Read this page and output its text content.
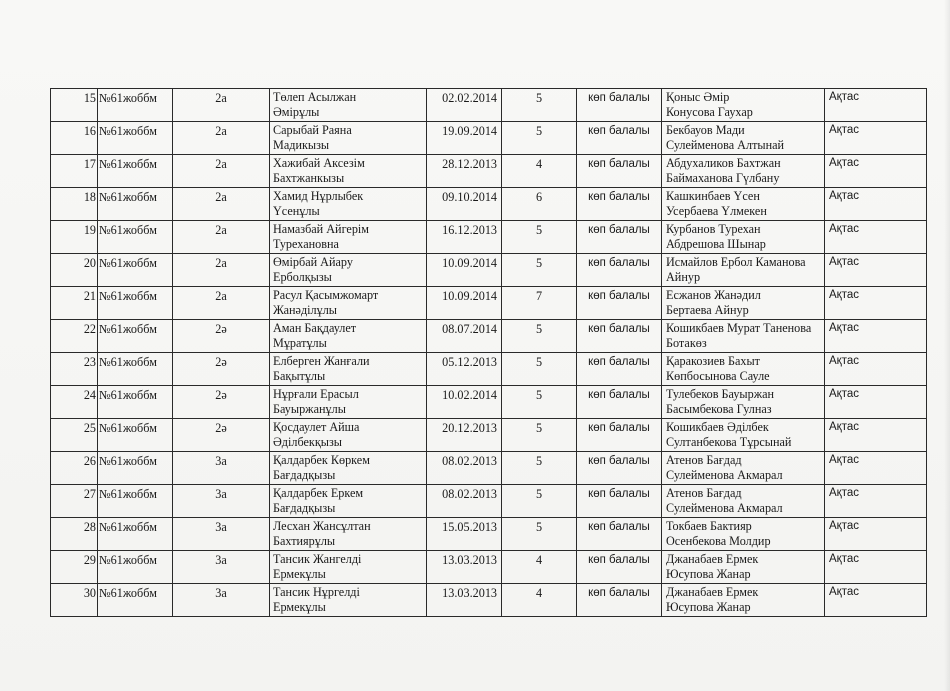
15	№61жоббм	2а	Төлеп Асылжан
Әмірұлы	02.02.2014	5	көп балалы	Қоныс Әмір
Конусова Гаухар	Ақтас

16	№61жоббм	2а	Сарыбай Раяна
Мадикызы	19.09.2014	5	көп балалы	Бекбауов Мади
Сулейменова Алтынай	Ақтас

17	№61жоббм	2а	Хажибай Аксезім
Бахтжанкызы	28.12.2013	4	көп балалы	Абдухаликов Бахтжан
Баймаханова Гүлбану	Ақтас

18	№61жоббм	2а	Хамид Нұрлыбек
Үсенұлы	09.10.2014	6	көп балалы	Кашкинбаев Үсен
Усербаева Үлмекен	Ақтас

19	№61жоббм	2а	Намазбай Айгерім
Турехановна	16.12.2013	5	көп балалы	Курбанов Турехан
Абдрешова Шынар	Ақтас

20	№61жоббм	2а	Өмірбай Айару
Ерболқызы	10.09.2014	5	көп балалы	Исмайлов Ербол Каманова
Айнур	Ақтас

21	№61жоббм	2а	Расул Қасымжомарт
Жанәділұлы	10.09.2014	7	көп балалы	Есжанов Жанәдил
Бертаева Айнур	Ақтас

22	№61жоббм	2ә	Аман Бақдаулет
Мұратұлы	08.07.2014	5	көп балалы	Кошикбаев Мурат Танeнова
Ботакөз	Ақтас

23	№61жоббм	2ә	Елберген Жанғали
Бақытұлы	05.12.2013	5	көп балалы	Қаракозиев Бахыт
Көпбосынова Сауле	Ақтас

24	№61жоббм	2ә	Нұрғали Ерасыл
Бауыржанұлы	10.02.2014	5	көп балалы	Тулебеков Бауыржан
Басымбекова Гулназ	Ақтас

25	№61жоббм	2ә	Қосдаулет Айша
Әділбекқызы	20.12.2013	5	көп балалы	Кошикбаев Әділбек
Султанбекова Тұрсынай	Ақтас

26	№61жоббм	3а	Қалдарбек Көркем
Бағдадқызы	08.02.2013	5	көп балалы	Атенов Бағдад
Сулейменова Акмарал	Ақтас

27	№61жоббм	3а	Қалдарбек Еркем
Бағдадқызы	08.02.2013	5	көп балалы	Атенов Бағдад
Сулейменова Акмарал	Ақтас

28	№61жоббм	3а	Лесхан Жансұлтан
Бахтиярұлы	15.05.2013	5	көп балалы	Токбаев Бактияр
Осенбекова Молдир	Ақтас

29	№61жоббм	3а	Тансик Жангелді
Ермекұлы	13.03.2013	4	көп балалы	Джанабаев Ермек
Юсупова Жанар	Ақтас

30	№61жоббм	3а	Тансик Нұргелді
Ермекұлы	13.03.2013	4	көп балалы	Джанабаев Ермек
Юсупова Жанар	Ақтас
